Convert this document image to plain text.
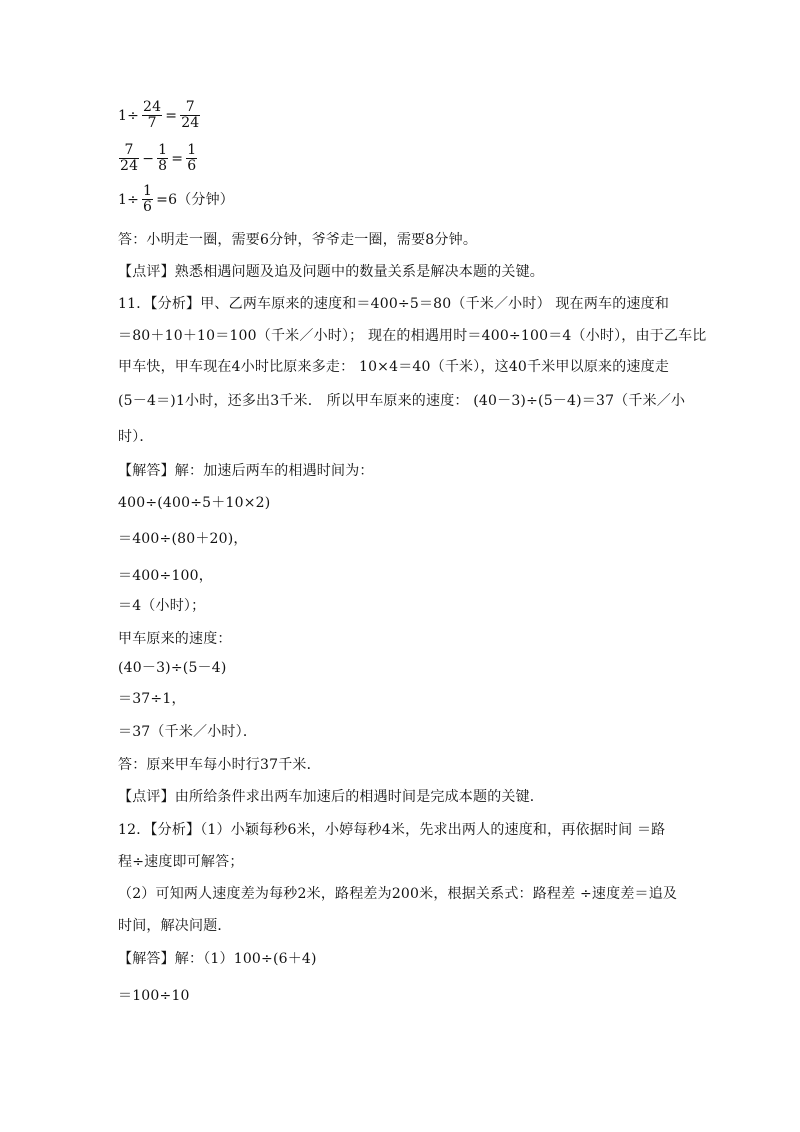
$1\div \frac{24}{7} = \frac{7}{24}$
$\frac{7}{24} - \frac{1}{8} = \frac{1}{6}$
$1\div \frac{1}{6} =6$（分钟）
答：小明走一圈，需要6分钟，爷爷走一圈，需要8分钟。
【点评】熟悉相遇问题及追及问题中的数量关系是解决本题的关键。
11．【分析】甲、乙两车原来的速度和＝400÷5＝80（千米／小时） 现在两车的速度和
＝80＋10＋10＝100（千米／小时）； 现在的相遇用时＝400÷100＝4（小时），由于乙车比
甲车快，甲车现在4小时比原来多走： 10×4＝40（千米），这40千米甲以原来的速度走
(5－4＝)1小时，还多出3千米． 所以甲车原来的速度： (40－3)÷(5－4)＝37（千米／小
时）．
【解答】解：加速后两车的相遇时间为：
400÷(400÷5＋10×2)
＝400÷(80＋20)，
＝400÷100，
＝4（小时）；
甲车原来的速度：
(40－3)÷(5－4)
＝37÷1，
＝37（千米／小时）．
答：原来甲车每小时行37千米．
【点评】由所给条件求出两车加速后的相遇时间是完成本题的关键．
12．【分析】（1）小颖每秒6米，小婷每秒4米，先求出两人的速度和，再依据时间 ＝路
程÷速度即可解答；
（2）可知两人速度差为每秒2米，路程差为200米，根据关系式：路程差 ÷速度差＝追及
时间，解决问题．
【解答】解：（1）100÷(6＋4)
＝100÷10
